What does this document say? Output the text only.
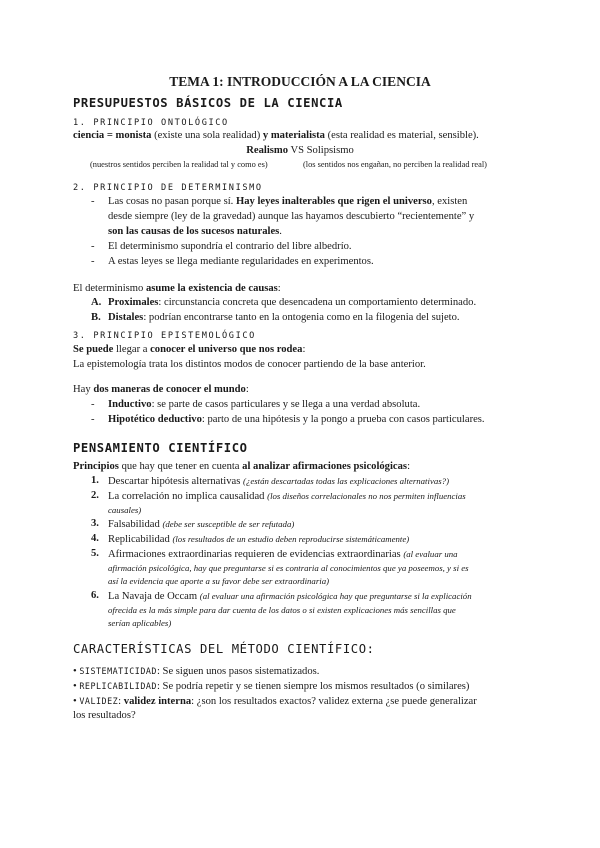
TEMA 1: INTRODUCCIÓN A LA CIENCIA
PRESUPUESTOS BÁSICOS DE LA CIENCIA
1. PRINCIPIO ONTOLÓGICO
ciencia = monista (existe una sola realidad) y materialista (esta realidad es material, sensible).
Realismo VS Solipsismo
(nuestros sentidos perciben la realidad tal y como es)	(los sentidos nos engañan, no perciben la realidad real)
2. PRINCIPIO DE DETERMINISMO
- Las cosas no pasan porque sí. Hay leyes inalterables que rigen el universo, existen
desde siempre (ley de la gravedad) aunque las hayamos descubierto “recientemente” y
son las causas de los sucesos naturales.
- El determinismo supondría el contrario del libre albedrío.
- A estas leyes se llega mediante regularidades en experimentos.
El determinismo asume la existencia de causas:
A. Proximales: circunstancia concreta que desencadena un comportamiento determinado.
B. Distales: podrían encontrarse tanto en la ontogenia como en la filogenia del sujeto.
3. PRINCIPIO EPISTEMOLÓGICO
Se puede llegar a conocer el universo que nos rodea:
La epistemología trata los distintos modos de conocer partiendo de la base anterior.
Hay dos maneras de conocer el mundo:
- Inductivo: se parte de casos particulares y se llega a una verdad absoluta.
- Hipotético deductivo: parto de una hipótesis y la pongo a prueba con casos particulares.
PENSAMIENTO CIENTÍFICO
Principios que hay que tener en cuenta al analizar afirmaciones psicológicas:
1. Descartar hipótesis alternativas (¿están descartadas todas las explicaciones alternativas?)
2. La correlación no implica causalidad (los diseños correlacionales no nos permiten influencias
causales)
3. Falsabilidad (debe ser susceptible de ser refutada)
4. Replicabilidad (los resultados de un estudio deben reproducirse sistemáticamente)
5. Afirmaciones extraordinarias requieren de evidencias extraordinarias (al evaluar una
afirmación psicológica, hay que preguntarse si es contraria al conocimientos que ya poseemos, y si es
así la evidencia que aporte a su favor debe ser extraordinaria)
6. La Navaja de Occam (al evaluar una afirmación psicológica hay que preguntarse si la explicación
ofrecida es la más simple para dar cuenta de los datos o si existen explicaciones más sencillas que
serían aplicables)
CARACTERÍSTICAS DEL MÉTODO CIENTÍFICO:
• SISTEMATICIDAD: Se siguen unos pasos sistematizados.
• REPLICABILIDAD: Se podría repetir y se tienen siempre los mismos resultados (o similares)
• VALIDEZ: validez interna: ¿son los resultados exactos? validez externa ¿se puede generalizar
los resultados?
